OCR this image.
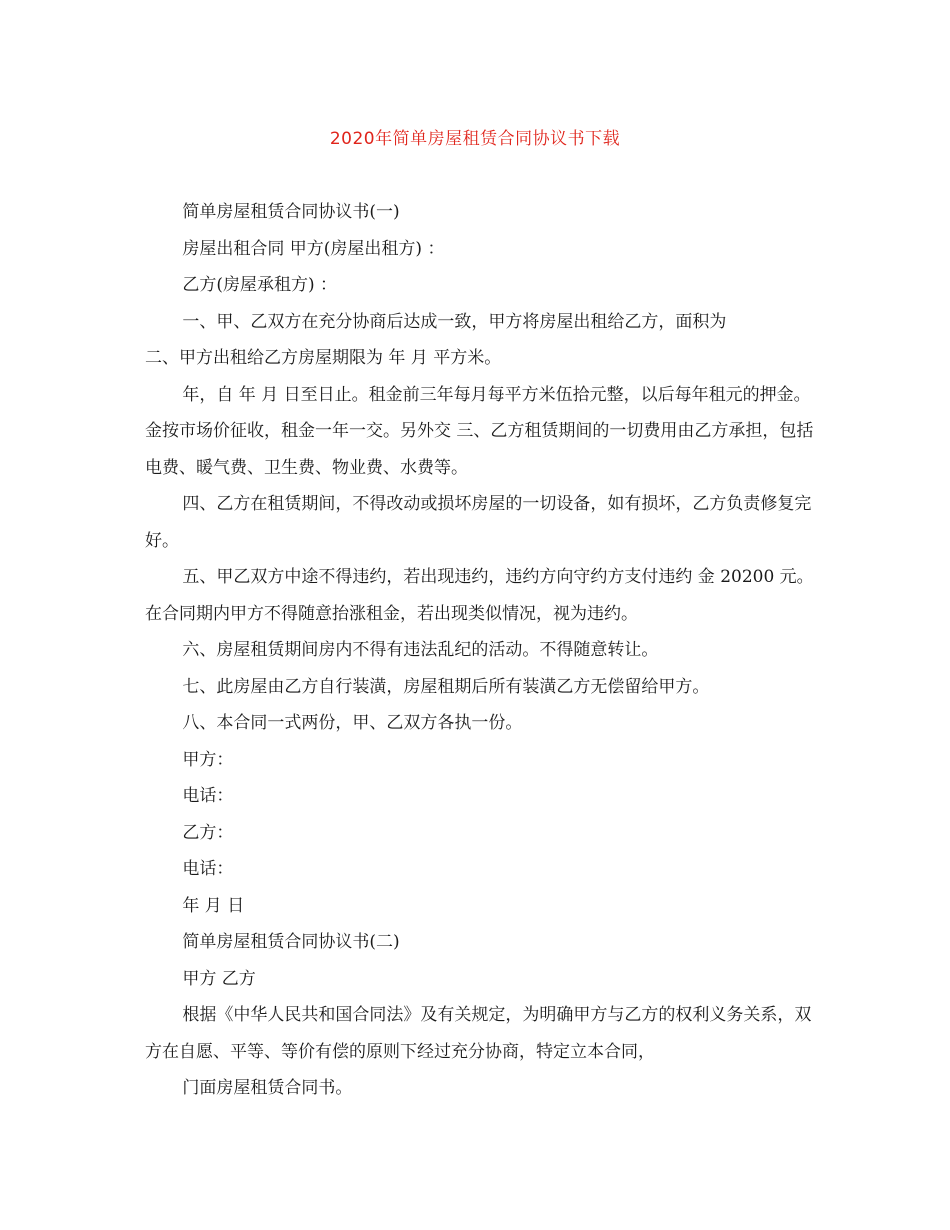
2020年简单房屋租赁合同协议书下载

简单房屋租赁合同协议书(一)

房屋出租合同 甲方(房屋出租方) ：

乙方(房屋承租方) ：

一、甲、乙双方在充分协商后达成一致，甲方将房屋出租给乙方，面积为

二、甲方出租给乙方房屋期限为 年 月 平方米。

年，自 年 月 日至日止。租金前三年每月每平方米伍拾元整，以后每年租元的押金。 金按市场价征收，租金一年一交。另外交 三、乙方租赁期间的一切费用由乙方承担，包括电费、暖气费、卫生费、物业费、水费等。

四、乙方在租赁期间，不得改动或损坏房屋的一切设备，如有损坏，乙方负责修复完好。

五、甲乙双方中途不得违约，若出现违约，违约方向守约方支付违约 金 20200 元。在合同期内甲方不得随意抬涨租金，若出现类似情况，视为违约。

六、房屋租赁期间房内不得有违法乱纪的活动。不得随意转让。

七、此房屋由乙方自行装潢，房屋租期后所有装潢乙方无偿留给甲方。

八、本合同一式两份，甲、乙双方各执一份。

甲方：

电话：

乙方：

电话：

年 月 日

简单房屋租赁合同协议书(二)

甲方 乙方

根据《中华人民共和国合同法》及有关规定，为明确甲方与乙方的权利义务关系，双方在自愿、平等、等价有偿的原则下经过充分协商，特定立本合同，

门面房屋租赁合同书。
